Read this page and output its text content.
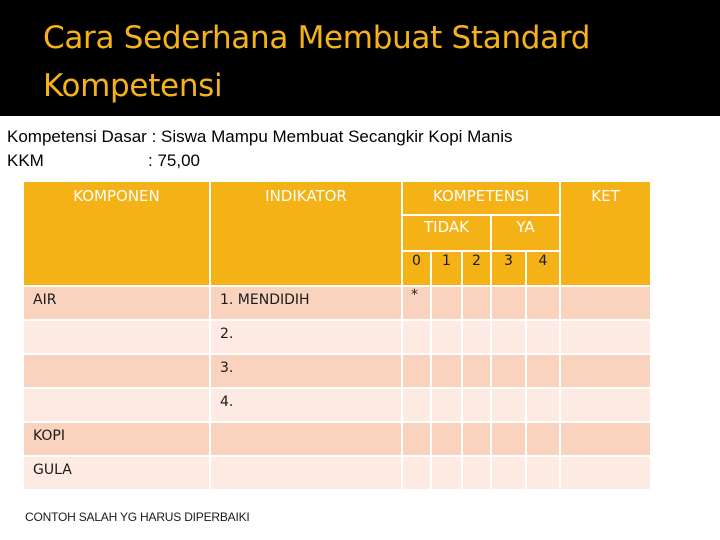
Cara Sederhana Membuat Standard Kompetensi
Kompetensi Dasar : Siswa Mampu Membuat Secangkir Kopi Manis
KKM	: 75,00
KOMPONEN	INDIKATOR	KOMPETENSI					KET
		TIDAK			YA		
		0	1	2	3	4	
AIR	1. MENDIDIH	*					
	2.						
	3.						
	4.						
KOPI							
GULA							
CONTOH SALAH YG HARUS DIPERBAIKI
